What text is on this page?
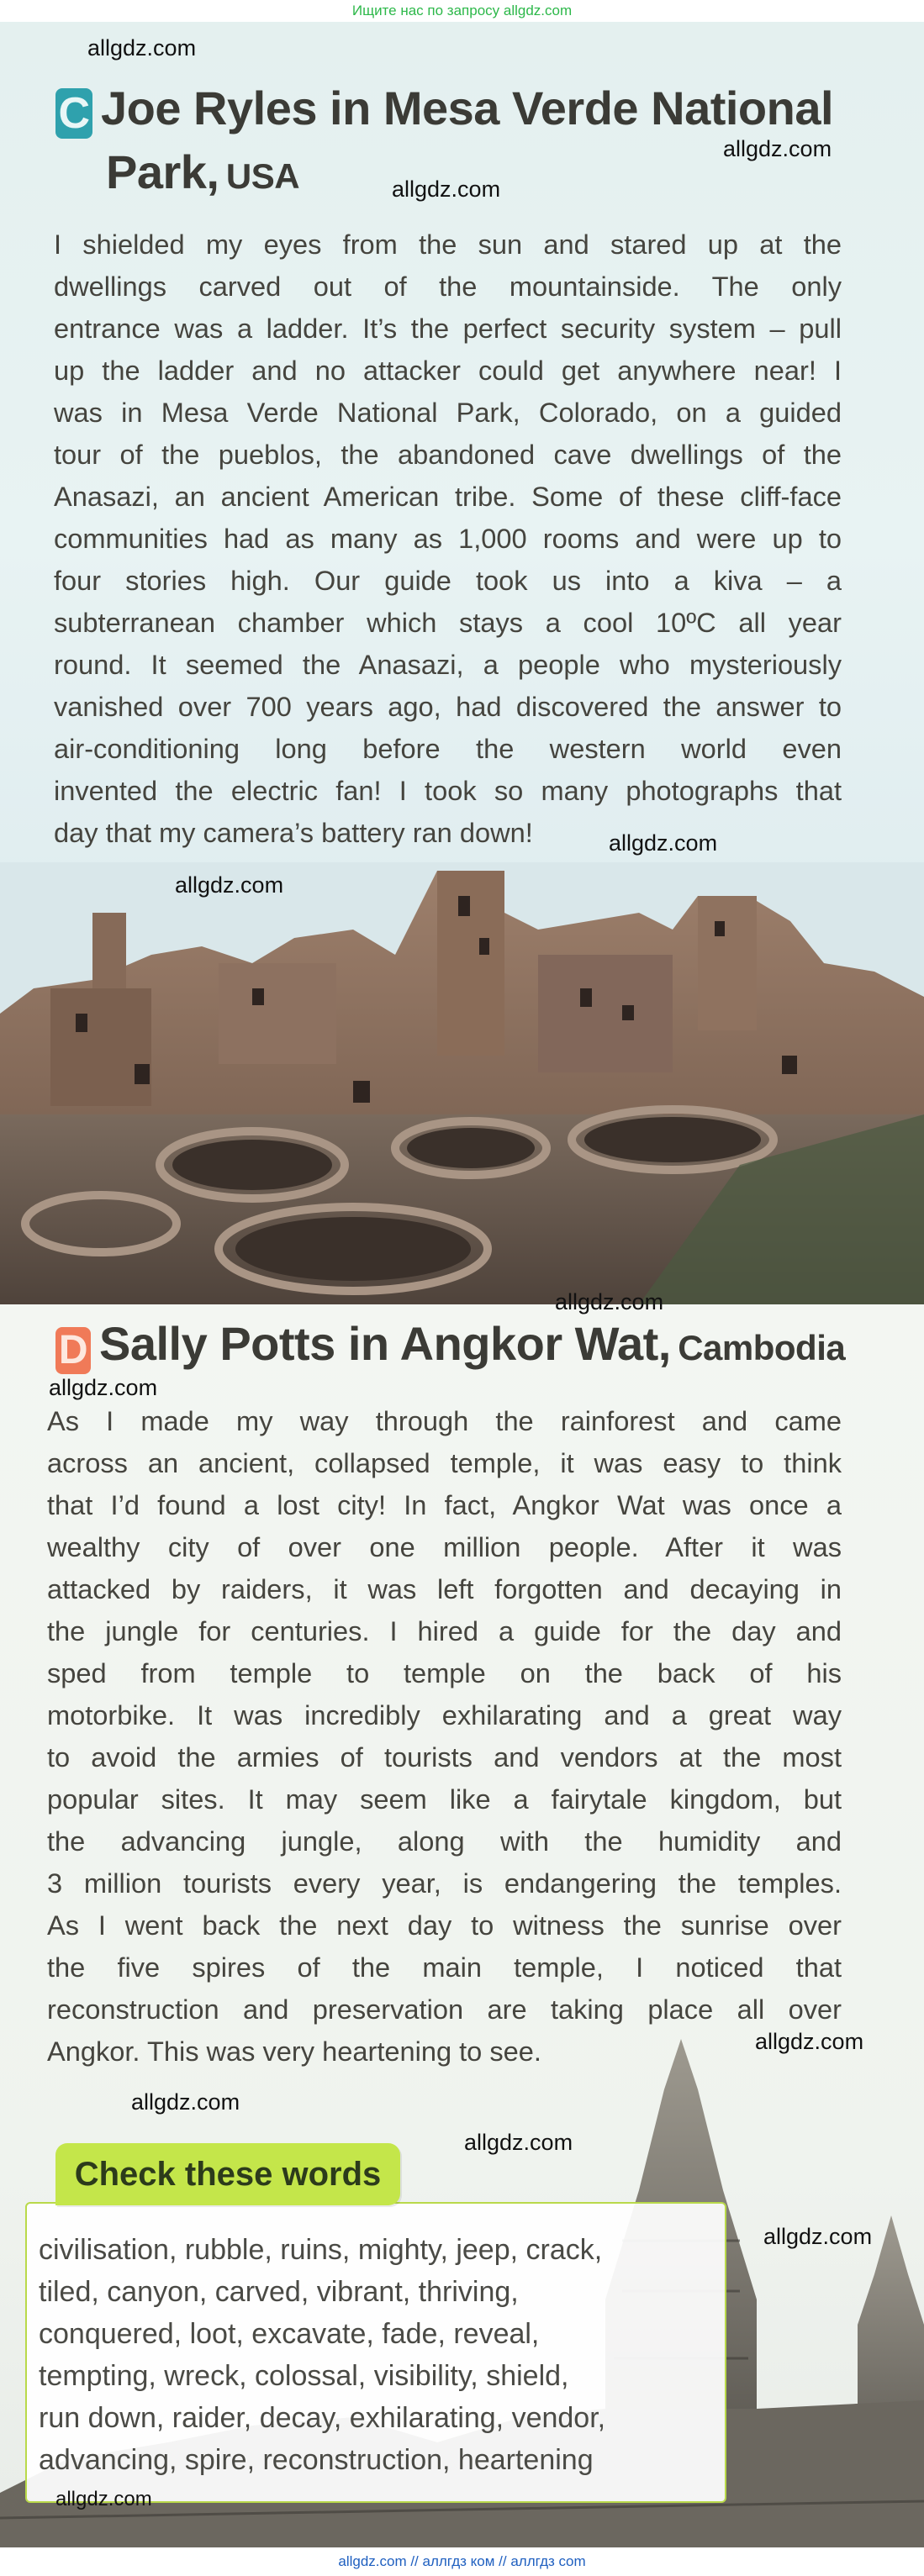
Ищите нас по запросу allgdz.com
C Joe Ryles in Mesa Verde National
Park, USA
I shielded my eyes from the sun and stared up at the
dwellings carved out of the mountainside. The only
entrance was a ladder. It’s the perfect security system – pull
up the ladder and no attacker could get anywhere near! I
was in Mesa Verde National Park, Colorado, on a guided
tour of the pueblos, the abandoned cave dwellings of the
Anasazi, an ancient American tribe. Some of these cliff-face
communities had as many as 1,000 rooms and were up to
four stories high. Our guide took us into a kiva – a
subterranean chamber which stays a cool 10ºC all year
round. It seemed the Anasazi, a people who mysteriously
vanished over 700 years ago, had discovered the answer to
air-conditioning long before the western world even
invented the electric fan! I took so many photographs that
day that my camera’s battery ran down!
D Sally Potts in Angkor Wat, Cambodia
As I made my way through the rainforest and came
across an ancient, collapsed temple, it was easy to think
that I’d found a lost city! In fact, Angkor Wat was once a
wealthy city of over one million people. After it was
attacked by raiders, it was left forgotten and decaying in
the jungle for centuries. I hired a guide for the day and
sped from temple to temple on the back of his
motorbike. It was incredibly exhilarating and a great way
to avoid the armies of tourists and vendors at the most
popular sites. It may seem like a fairytale kingdom, but
the advancing jungle, along with the humidity and
3 million tourists every year, is endangering the temples.
As I went back the next day to witness the sunrise over
the five spires of the main temple, I noticed that
reconstruction and preservation are taking place all over
Angkor. This was very heartening to see.
Check these words
civilisation, rubble, ruins, mighty, jeep, crack,
tiled, canyon, carved, vibrant, thriving,
conquered, loot, excavate, fade, reveal,
tempting, wreck, colossal, visibility, shield,
run down, raider, decay, exhilarating, vendor,
advancing, spire, reconstruction, heartening
allgdz.com
allgdz.com
allgdz.com
allgdz.com
allgdz.com
allgdz.com
allgdz.com
allgdz.com
allgdz.com
allgdz.com
allgdz.com
allgdz.com
allgdz.com // аллгдз ком // аллгдз com
